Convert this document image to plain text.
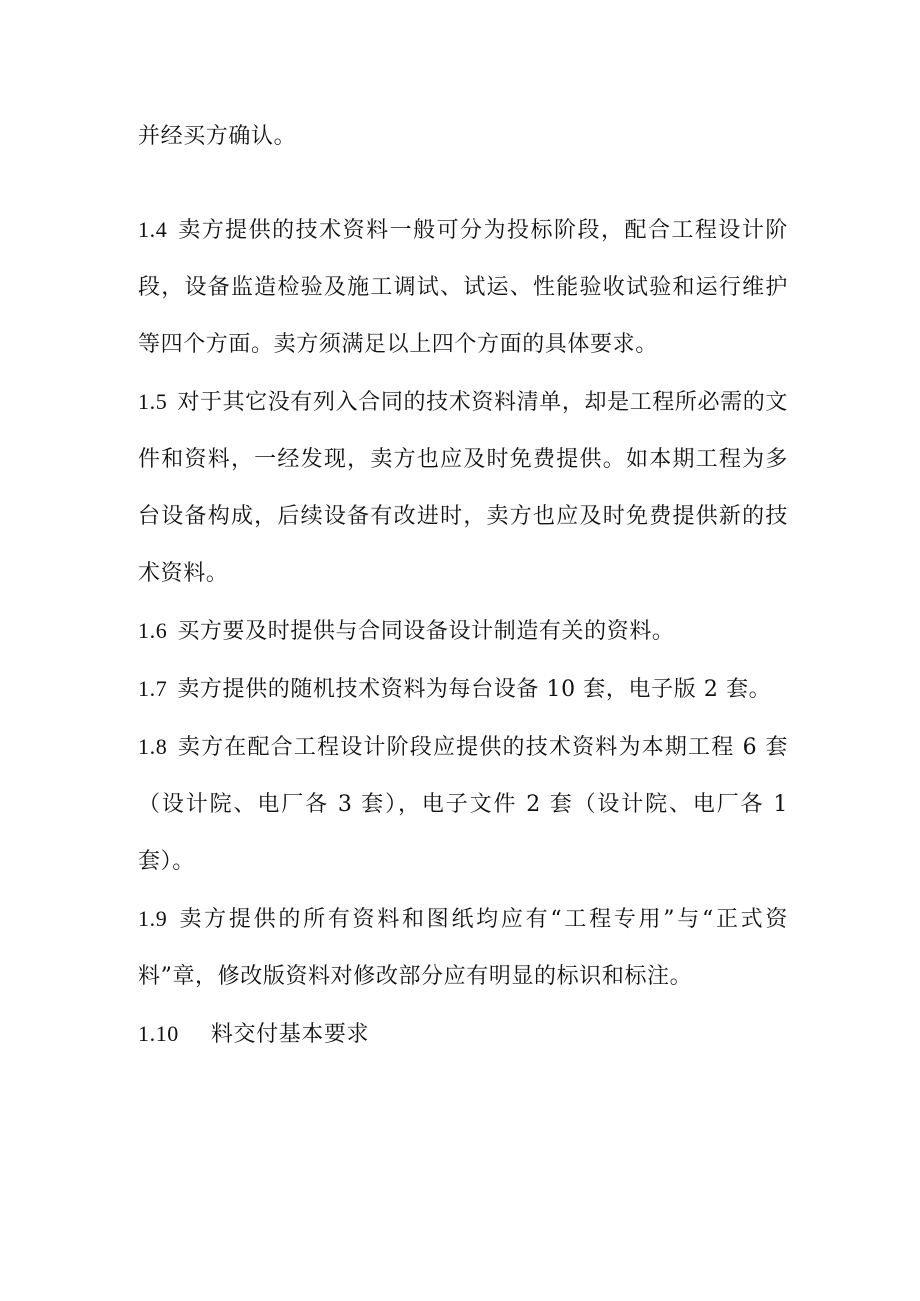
并经买方确认。

1.4 卖方提供的技术资料一般可分为投标阶段，配合工程设计阶段，设备监造检验及施工调试、试运、性能验收试验和运行维护等四个方面。卖方须满足以上四个方面的具体要求。

1.5 对于其它没有列入合同的技术资料清单，却是工程所必需的文件和资料，一经发现，卖方也应及时免费提供。如本期工程为多台设备构成，后续设备有改进时，卖方也应及时免费提供新的技术资料。

1.6 买方要及时提供与合同设备设计制造有关的资料。

1.7 卖方提供的随机技术资料为每台设备 10 套，电子版 2 套。

1.8 卖方在配合工程设计阶段应提供的技术资料为本期工程 6 套（设计院、电厂各 3 套），电子文件 2 套（设计院、电厂各 1 套）。

1.9 卖方提供的所有资料和图纸均应有“工程专用”与“正式资料”章，修改版资料对修改部分应有明显的标识和标注。

1.10 料交付基本要求
